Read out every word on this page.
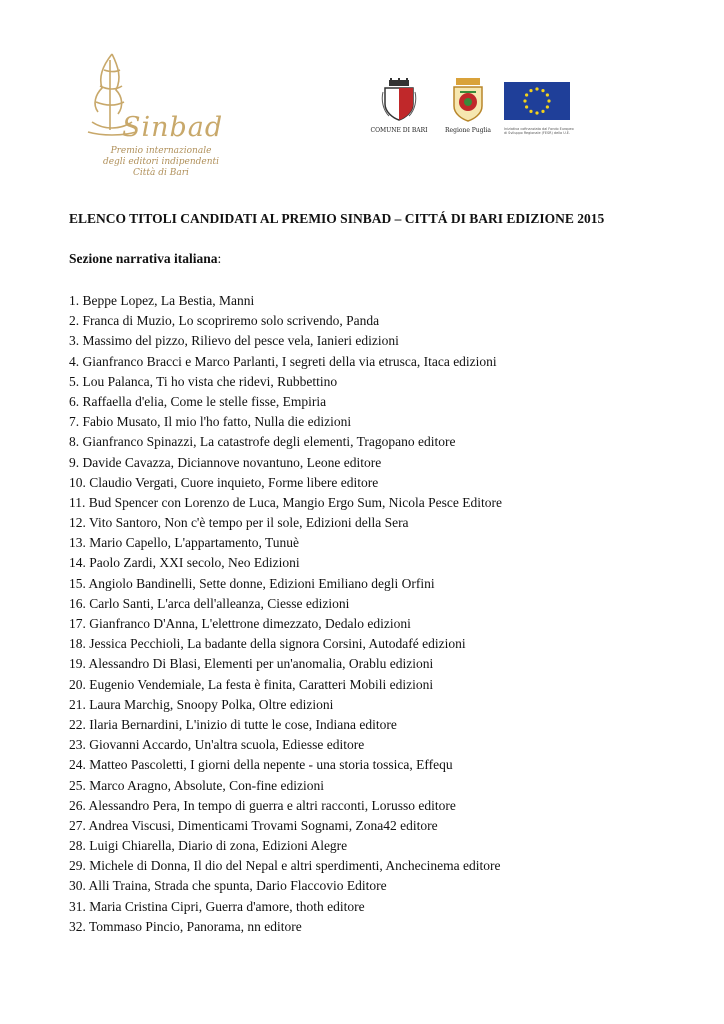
Sinbad
Premio internazionale
degli editori indipendenti
Città di Bari
COMUNE DI BARI	Regione Puglia	Iniziativa cofinanziata dal Fondo Europeo
di Sviluppo Regionale (FESR) della U.E.
ELENCO TITOLI CANDIDATI AL PREMIO SINBAD – CITTÁ DI BARI EDIZIONE 2015
Sezione narrativa italiana:
1. Beppe Lopez, La Bestia, Manni
2. Franca di Muzio, Lo scopriremo solo scrivendo, Panda
3. Massimo del pizzo, Rilievo del pesce vela, Ianieri edizioni
4. Gianfranco Bracci e Marco Parlanti, I segreti della via etrusca, Itaca edizioni
5. Lou Palanca, Ti ho vista che ridevi, Rubbettino
6. Raffaella d'elia, Come le stelle fisse, Empiria
7. Fabio Musato, Il mio l'ho fatto, Nulla die edizioni
8. Gianfranco Spinazzi, La catastrofe degli elementi, Tragopano editore
9. Davide Cavazza, Diciannove novantuno, Leone editore
10. Claudio Vergati, Cuore inquieto, Forme libere editore
11. Bud Spencer con Lorenzo de Luca, Mangio Ergo Sum, Nicola Pesce Editore
12. Vito Santoro, Non c'è tempo per il sole, Edizioni della Sera
13. Mario Capello, L'appartamento, Tunuè
14. Paolo Zardi, XXI secolo, Neo Edizioni
15. Angiolo Bandinelli, Sette donne, Edizioni Emiliano degli Orfini
16. Carlo Santi, L'arca dell'alleanza, Ciesse edizioni
17. Gianfranco D'Anna, L'elettrone dimezzato, Dedalo edizioni
18. Jessica Pecchioli, La badante della signora Corsini, Autodafé edizioni
19. Alessandro Di Blasi, Elementi per un'anomalia, Orablu edizioni
20. Eugenio Vendemiale, La festa è finita, Caratteri Mobili edizioni
21. Laura Marchig, Snoopy Polka, Oltre edizioni
22. Ilaria Bernardini, L'inizio di tutte le cose, Indiana editore
23. Giovanni Accardo, Un'altra scuola, Ediesse editore
24. Matteo Pascoletti, I giorni della nepente - una storia tossica, Effequ
25. Marco Aragno, Absolute, Con-fine edizioni
26. Alessandro Pera, In tempo di guerra e altri racconti, Lorusso editore
27. Andrea Viscusi, Dimenticami Trovami Sognami, Zona42 editore
28. Luigi Chiarella, Diario di zona, Edizioni Alegre
29. Michele di Donna, Il dio del Nepal e altri sperdimenti, Anchecinema editore
30. Alli Traina, Strada che spunta, Dario Flaccovio Editore
31. Maria Cristina Cipri, Guerra d'amore, thoth editore
32. Tommaso Pincio, Panorama, nn editore
